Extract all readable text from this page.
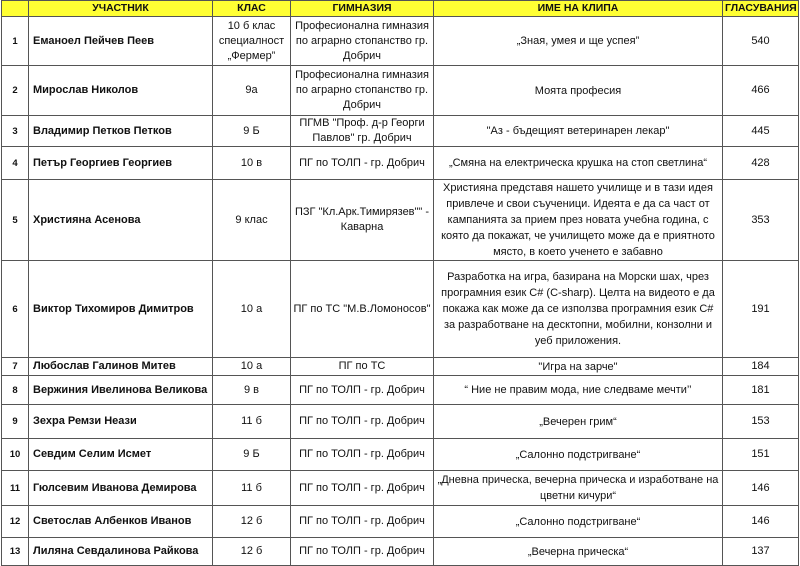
	УЧАСТНИК	КЛАС	ГИМНАЗИЯ	ИМЕ НА КЛИПА	ГЛАСУВАНИЯ
1	Еманоел Пейчев Пеев	10 б клас специалност „Фермер”	Професионална гимназия по аграрно стопанство гр. Добрич	„Зная, умея и ще успея”	540
2	Мирослав Николов	9а	Професионална гимназия по аграрно стопанство гр. Добрич	Моята професия	466
3	Владимир Петков Петков	9 Б	ПГМВ "Проф. д-р Георги Павлов" гр. Добрич	"Аз - бъдещият ветеринарен лекар"	445
4	Петър Георгиев Георгиев	10 в	ПГ по ТОЛП - гр. Добрич	„Смяна на електрическа крушка на стоп светлина“	428
5	Християна Асенова	9 клас	ПЗГ "Кл.Арк.Тимирязев"" - Каварна	Християна представя нашето училище и в тази идея привлече и свои съученици. Идеята е да са част от кампанията за прием през новата учебна година, с която да покажат, че училището може да е приятното място, в което ученето е забавно	353
6	Виктор Тихомиров Димитров	10 а	ПГ по ТС "М.В.Ломоносов"	Разработка на игра, базирана на Морски шах, чрез програмния език C# (C-sharp). Целта на видеото е да покажа как може да се използва програмния език C# за разработване на десктопни, мобилни, конзолни и уеб приложения.	191
7	Любослав Галинов Митев	10 а	ПГ по ТС	"Игра на зарче"	184
8	Вержиния Ивелинова Великова	9 в	ПГ по ТОЛП - гр. Добрич	“ Ние не правим мода, ние следваме мечти’’	181
9	Зехра Ремзи Неази	11 б	ПГ по ТОЛП - гр. Добрич	„Вечерен грим“	153
10	Севдим Селим Исмет	9 Б	ПГ по ТОЛП - гр. Добрич	„Салонно подстригване“	151
11	Гюлсевим Иванова Демирова	11 б	ПГ по ТОЛП - гр. Добрич	„Дневна прическа, вечерна прическа и изработване на цветни кичури“	146
12	Светослав Албенков Иванов	12 б	ПГ по ТОЛП - гр. Добрич	„Салонно подстригване“	146
13	Лиляна Севдалинова Райкова	12 б	ПГ по ТОЛП - гр. Добрич	„Вечерна прическа“	137
